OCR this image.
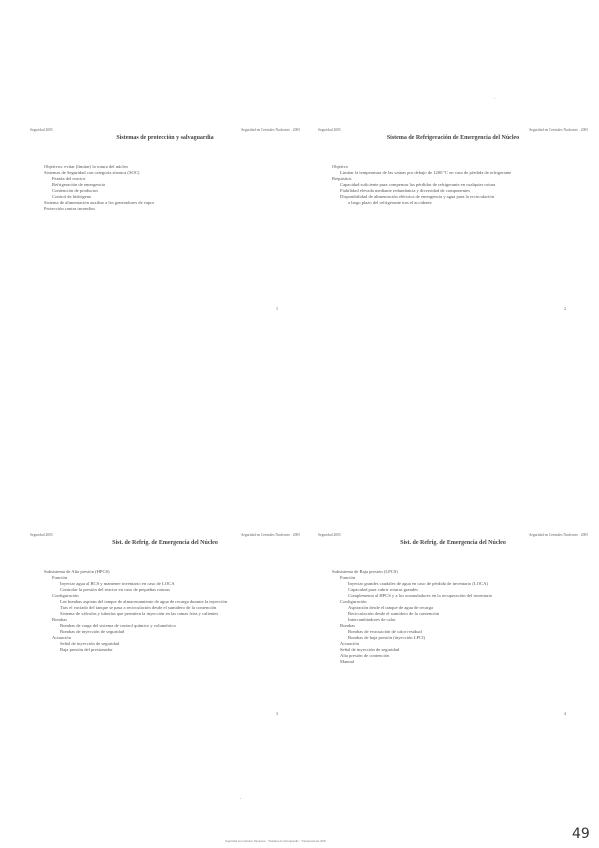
Seguridad 2005	Seguridad en Centrales Nucleares · 2005
Sistemas de protección y salvaguardia
• Objetivos: evitar (limitar) la rotura del núcleo
• Sistemas de Seguridad con categoría sísmica (SOC)
• Parada del reactor
• Refrigeración de emergencia
• Contención de productos
• Control de hidrógeno
• Sistema de alimentación auxiliar a los generadores de vapor
• Protección contra incendios
1
Seguridad 2005	Seguridad en Centrales Nucleares · 2005
Sistema de Refrigeración de Emergencia del Núcleo
• Objetivo
• Limitar la temperatura de las vainas por debajo de 1200 ºC en caso de pérdida de refrigerante
• Requisitos
• Capacidad suficiente para compensar las pérdidas de refrigerante en cualquier rotura
• Fiabilidad elevada mediante redundancia y diversidad de componentes
• Disponibilidad de alimentación eléctrica de emergencia y agua para la recirculación
◦ a largo plazo del refrigerante tras el accidente
2
Seguridad 2005	Seguridad en Centrales Nucleares · 2005
Sist. de Refrig. de Emergencia del Núcleo
• Subsistema de Alta presión (HPCS)
• Función
◦ Inyectar agua al RCS y mantener inventario en caso de LOCA
◦ Controlar la presión del reactor en caso de pequeñas roturas
• Configuración
◦ Las bombas aspiran del tanque de almacenamiento de agua de recarga durante la inyección
◦ Tras el vaciado del tanque se pasa a recirculación desde el sumidero de la contención
◦ Sistema de válvulas y tuberías que permiten la inyección en las ramas frías y calientes
• Bombas
◦ Bombas de carga del sistema de control químico y volumétrico
◦ Bombas de inyección de seguridad
• Actuación
◦ Señal de inyección de seguridad
◦ Baja presión del presionador
3
Seguridad 2005	Seguridad en Centrales Nucleares · 2005
Sist. de Refrig. de Emergencia del Núcleo
• Subsistema de Baja presión (LPCS)
• Función
◦ Inyectar grandes caudales de agua en caso de pérdida de inventario (LOCA)
◦ Capacidad para cubrir roturas grandes
◦ Complementa al HPCS y a los acumuladores en la recuperación del inventario
• Configuración
◦ Aspiración desde el tanque de agua de recarga
◦ Recirculación desde el sumidero de la contención
◦ Intercambiadores de calor
• Bombas
◦ Bombas de evacuación de calor residual
◦ Bombas de baja presión (inyección LPCI)
• Actuación
– Señal de inyección de seguridad
– Alta presión de contención
– Manual
4
.
.
49
Seguridad en Centrales Nucleares · Sistemas de Salvaguardia · Transparencias 2005
